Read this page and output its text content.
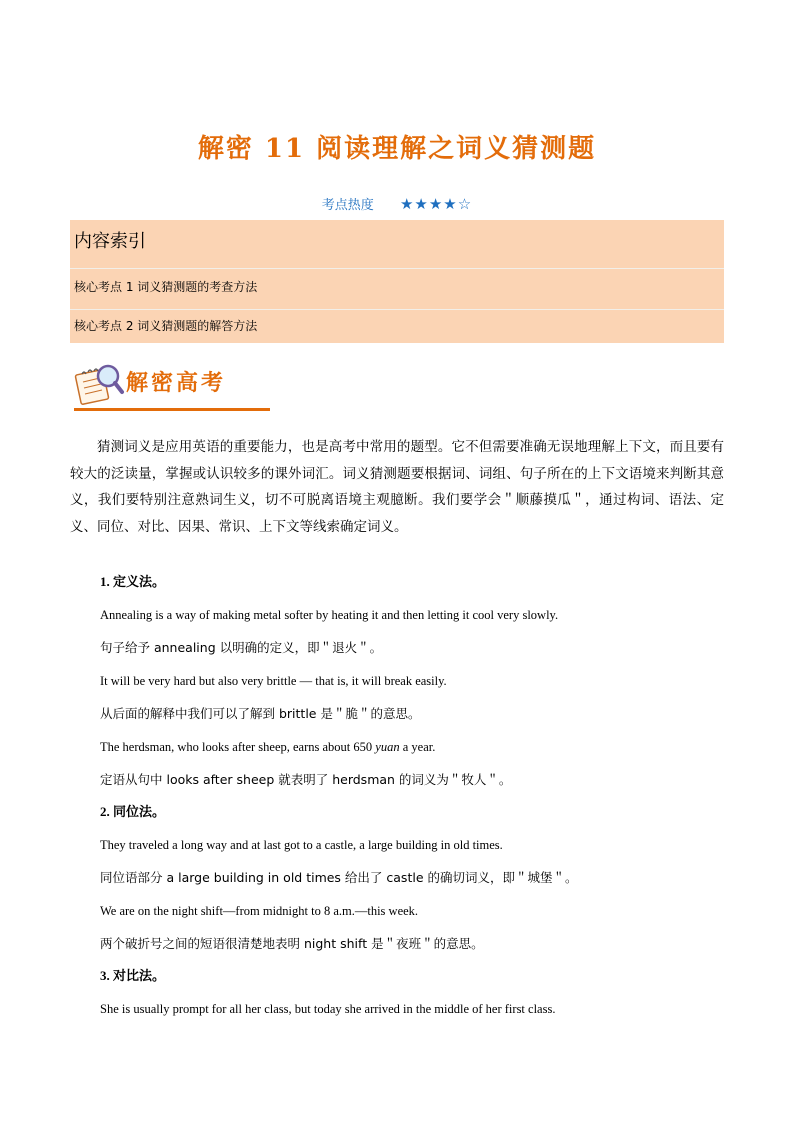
解密 11 阅读理解之词义猜测题
考点热度 ★★★★☆
内容索引
核心考点 1 词义猜测题的考查方法
核心考点 2 词义猜测题的解答方法
解密高考
猜测词义是应用英语的重要能力，也是高考中常用的题型。它不但需要准确无误地理解上下文，而且要有较大的泛读量，掌握或认识较多的课外词汇。词义猜测题要根据词、词组、句子所在的上下文语境来判断其意义，我们要特别注意熟词生义，切不可脱离语境主观臆断。我们要学会＂顺藤摸瓜＂，通过构词、语法、定义、同位、对比、因果、常识、上下文等线索确定词义。

1. 定义法。

Annealing is a way of making metal softer by heating it and then letting it cool very slowly.

句子给予 annealing 以明确的定义，即＂退火＂。

It will be very hard but also very brittle — that is, it will break easily.

从后面的解释中我们可以了解到 brittle 是＂脆＂的意思。

The herdsman, who looks after sheep, earns about 650 yuan a year.

定语从句中 looks after sheep 就表明了 herdsman 的词义为＂牧人＂。

2. 同位法。

They traveled a long way and at last got to a castle, a large building in old times.

同位语部分 a large building in old times 给出了 castle 的确切词义，即＂城堡＂。

We are on the night shift—from midnight to 8 a.m.—this week.

两个破折号之间的短语很清楚地表明 night shift 是＂夜班＂的意思。

3. 对比法。

She is usually prompt for all her class, but today she arrived in the middle of her first class.
